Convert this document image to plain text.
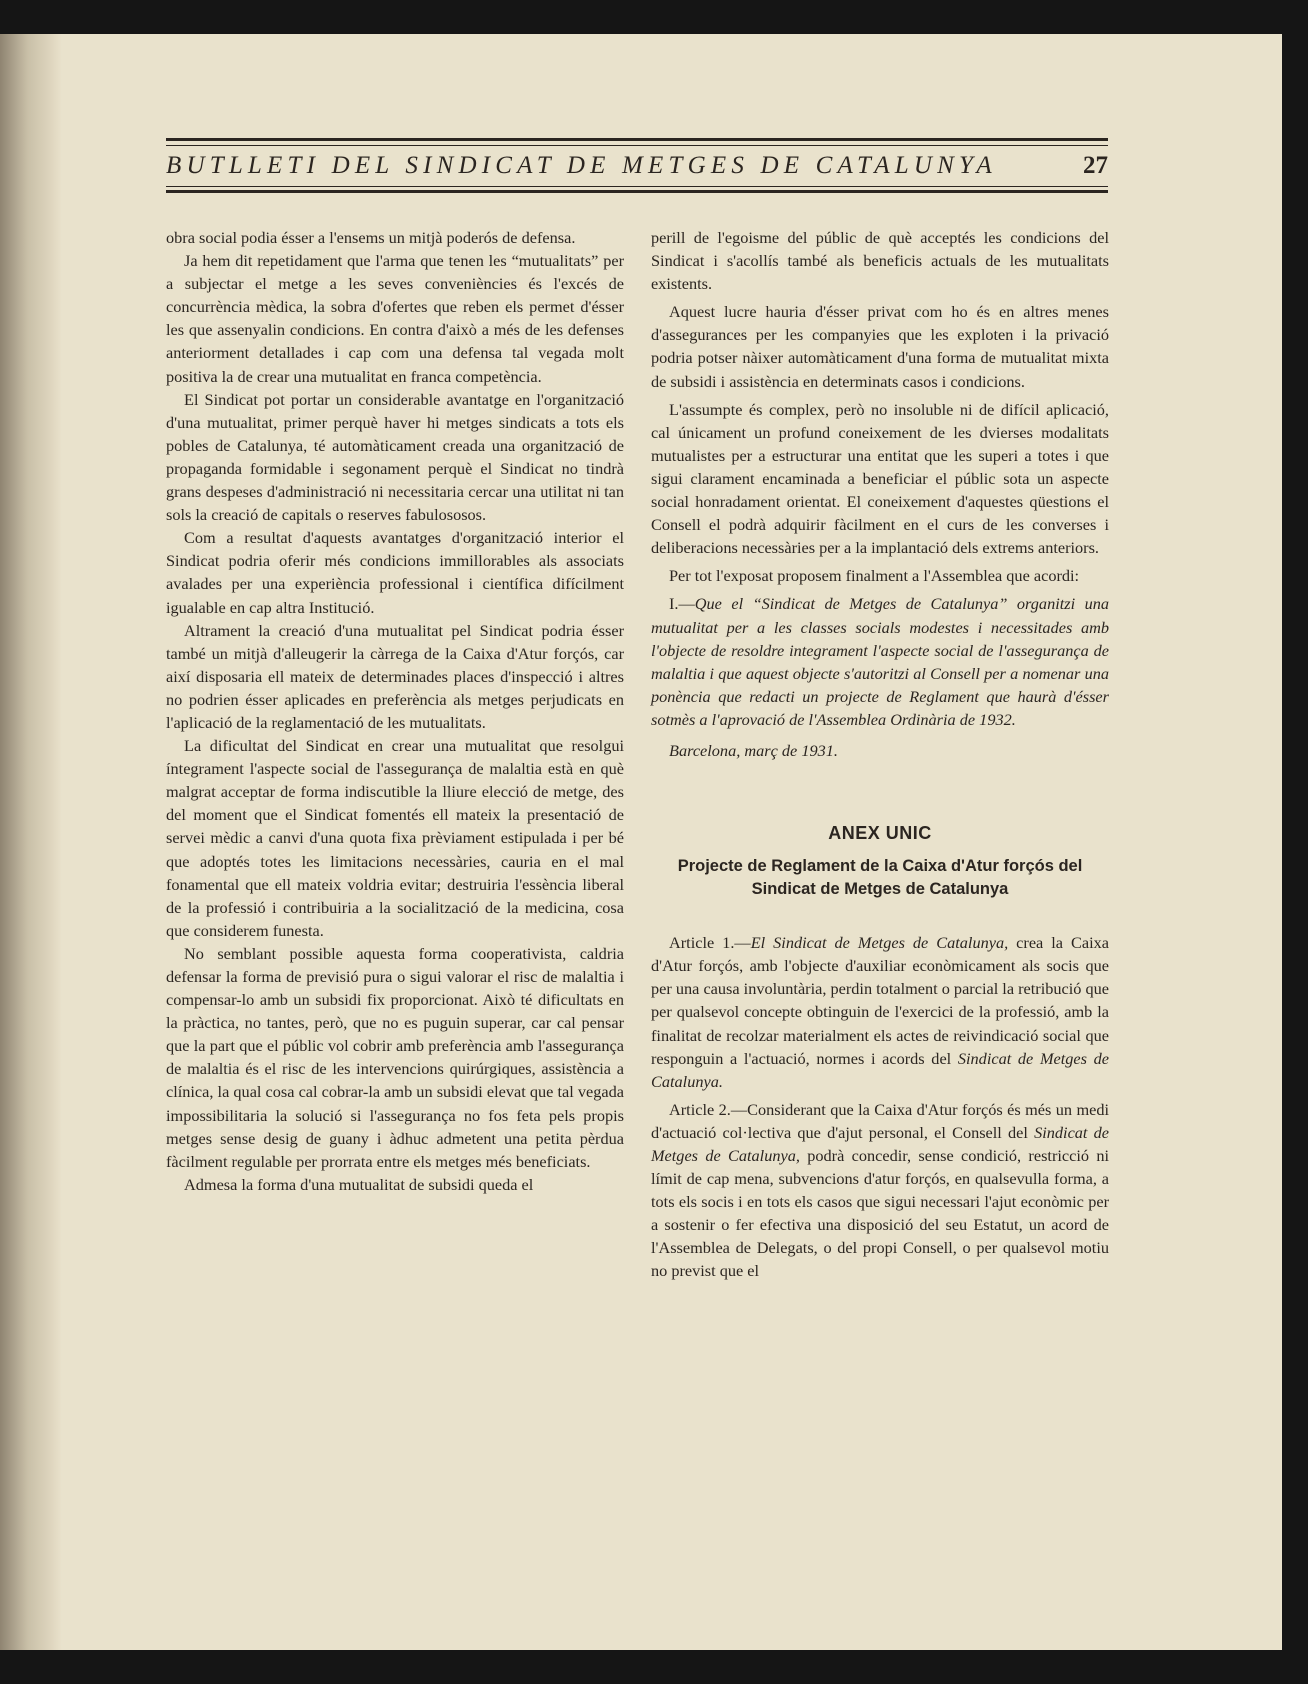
BUTLLETI DEL SINDICAT DE METGES DE CATALUNYA	27

obra social podia ésser a l'ensems un mitjà poderós de defensa.

Ja hem dit repetidament que l'arma que tenen les “mutualitats” per a subjectar el metge a les seves conveniències és l'excés de concurrència mèdica, la sobra d'ofertes que reben els permet d'ésser les que assenyalin condicions. En contra d'això a més de les defenses anteriorment detallades i cap com una defensa tal vegada molt positiva la de crear una mutualitat en franca competència.

El Sindicat pot portar un considerable avantatge en l'organització d'una mutualitat, primer perquè haver hi metges sindicats a tots els pobles de Catalunya, té automàticament creada una organització de propaganda formidable i segonament perquè el Sindicat no tindrà grans despeses d'administració ni necessitaria cercar una utilitat ni tan sols la creació de capitals o reserves fabulososos.

Com a resultat d'aquests avantatges d'organització interior el Sindicat podria oferir més condicions immillorables als associats avalades per una experiència professional i científica difícilment igualable en cap altra Institució.

Altrament la creació d'una mutualitat pel Sindicat podria ésser també un mitjà d'alleugerir la càrrega de la Caixa d'Atur forçós, car així disposaria ell mateix de determinades places d'inspecció i altres no podrien ésser aplicades en preferència als metges perjudicats en l'aplicació de la reglamentació de les mutualitats.

La dificultat del Sindicat en crear una mutualitat que resolgui íntegrament l'aspecte social de l'assegurança de malaltia està en què malgrat acceptar de forma indiscutible la lliure elecció de metge, des del moment que el Sindicat fomentés ell mateix la presentació de servei mèdic a canvi d'una quota fixa prèviament estipulada i per bé que adoptés totes les limitacions necessàries, cauria en el mal fonamental que ell mateix voldria evitar; destruiria l'essència liberal de la professió i contribuiria a la socialització de la medicina, cosa que considerem funesta.

No semblant possible aquesta forma cooperativista, caldria defensar la forma de previsió pura o sigui valorar el risc de malaltia i compensar-lo amb un subsidi fix proporcionat. Això té dificultats en la pràctica, no tantes, però, que no es puguin superar, car cal pensar que la part que el públic vol cobrir amb preferència amb l'assegurança de malaltia és el risc de les intervencions quirúrgiques, assistència a clínica, la qual cosa cal cobrar-la amb un subsidi elevat que tal vegada impossibilitaria la solució si l'assegurança no fos feta pels propis metges sense desig de guany i àdhuc admetent una petita pèrdua fàcilment regulable per prorrata entre els metges més beneficiats.

Admesa la forma d'una mutualitat de subsidi queda el

perill de l'egoisme del públic de què acceptés les condicions del Sindicat i s'acollís també als beneficis actuals de les mutualitats existents.

Aquest lucre hauria d'ésser privat com ho és en altres menes d'assegurances per les companyies que les exploten i la privació podria potser nàixer automàticament d'una forma de mutualitat mixta de subsidi i assistència en determinats casos i condicions.

L'assumpte és complex, però no insoluble ni de difícil aplicació, cal únicament un profund coneixement de les dvierses modalitats mutualistes per a estructurar una entitat que les superi a totes i que sigui clarament encaminada a beneficiar el públic sota un aspecte social honradament orientat. El coneixement d'aquestes qüestions el Consell el podrà adquirir fàcilment en el curs de les converses i deliberacions necessàries per a la implantació dels extrems anteriors.

Per tot l'exposat proposem finalment a l'Assemblea que acordi:

I.—Que el “Sindicat de Metges de Catalunya” organitzi una mutualitat per a les classes socials modestes i necessitades amb l'objecte de resoldre integrament l'aspecte social de l'assegurança de malaltia i que aquest objecte s'autoritzi al Consell per a nomenar una ponència que redacti un projecte de Reglament que haurà d'ésser sotmès a l'aprovació de l'Assemblea Ordinària de 1932.

Barcelona, març de 1931.

ANEX UNIC

Projecte de Reglament de la Caixa d'Atur forçós del Sindicat de Metges de Catalunya

Article 1.—El Sindicat de Metges de Catalunya, crea la Caixa d'Atur forçós, amb l'objecte d'auxiliar econòmicament als socis que per una causa involuntària, perdin totalment o parcial la retribució que per qualsevol concepte obtinguin de l'exercici de la professió, amb la finalitat de recolzar materialment els actes de reivindicació social que responguin a l'actuació, normes i acords del Sindicat de Metges de Catalunya.

Article 2.—Considerant que la Caixa d'Atur forçós és més un medi d'actuació col·lectiva que d'ajut personal, el Consell del Sindicat de Metges de Catalunya, podrà concedir, sense condició, restricció ni límit de cap mena, subvencions d'atur forçós, en qualsevulla forma, a tots els socis i en tots els casos que sigui necessari l'ajut econòmic per a sostenir o fer efectiva una disposició del seu Estatut, un acord de l'Assemblea de Delegats, o del propi Consell, o per qualsevol motiu no previst que el
